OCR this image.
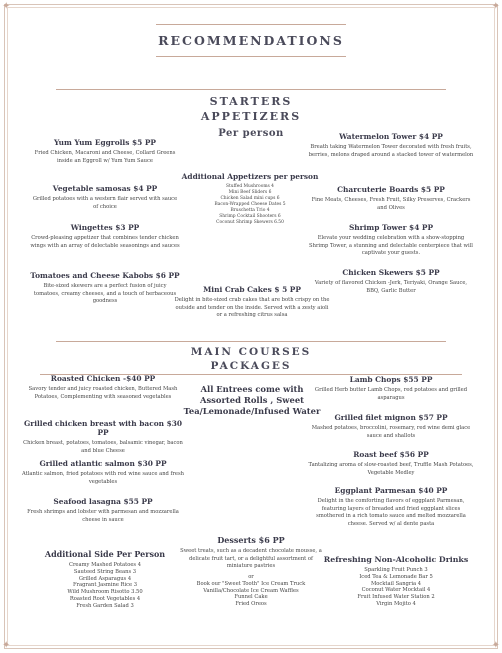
✦	✦
✦	✦
RECOMMENDATIONS
STARTERS
APPETIZERS
Per person
Yum Yum Eggrolls $5 PP
Fried Chicken, Macaroni and Cheese, Collard Greens inside an Eggroll w/ Yum Yum Sauce
Vegetable samosas $4 PP
Grilled potatoes with a western flair served with sauce of choice
Wingettes $3 PP
Crowd-pleasing appetizer that combines tender chicken wings with an array of delectable seasonings and sauces
Tomatoes and Cheese Kabobs $6 PP
Bite-sized skewers are a perfect fusion of juicy tomatoes, creamy cheeses, and a touch of herbaceous goodness
Additional Appetizers per person
Stuffed Mushrooms 4
Mini Beef Sliders 6
Chicken Salad mini cups 6
Bacon-Wrapped Cheese Dates 5
Bruschetta Trio 4
Shrimp Cocktail Shooters 6
Coconut Shrimp Skewers 6.50
Mini Crab Cakes $ 5 PP
Delight in bite-sized crab cakes that are both crispy on the outside and tender on the inside. Served with a zesty aioli or a refreshing citrus salsa
Watermelon Tower $4 PP
Breath taking Watermelon Tower decorated with fresh fruits, berries, melons draped around a stacked tower of watermelon
Charcuterie Boards $5 PP
Fine Meats, Cheeses, Fresh Fruit, Silky Preserves, Crackers and Olives
Shrimp Tower $4 PP
Elevate your wedding celebration with a show-stopping Shrimp Tower, a stunning and delectable centerpiece that will captivate your guests.
Chicken Skewers $5 PP
Variety of flavored Chicken -Jerk, Teriyaki, Orange Sauce, BBQ, Garlic Butter
MAIN COURSES
PACKAGES
Roasted Chicken -$40 PP
Savory tender and juicy roasted chicken, Buttered Mash Potatoes, Complementing with seasoned vegetables
Grilled chicken breast with bacon $30 PP
Chicken breast, potatoes, tomatoes, balsamic vinegar, bacon and blue Cheese
Grilled atlantic salmon $30 PP
Atlantic salmon, fried potatoes with red wine sauce and fresh vegetables
Seafood lasagna $55 PP
Fresh shrimps and lobster with parmesan and mozzarella cheese in sauce
All Entrees come with
Assorted Rolls , Sweet
Tea/Lemonade/Infused Water
Lamb Chops $55 PP
Grilled Herb butter Lamb Chops, red potatoes and grilled asparagus
Grilled filet mignon $57 PP
Mashed potatoes, broccolini, rosemary, red wine demi glace sauce and shallots
Roast beef $56 PP
Tantalizing aroma of slow-roasted beef, Truffle Mash Potatoes, Vegetable Medley
Eggplant Parmesan $40 PP
Delight in the comforting flavors of eggplant Parmesan, featuring layers of breaded and fried eggplant slices smothered in a rich tomato sauce and melted mozzarella cheese. Served w/ al dente pasta
Additional Side Per Person
Creamy Mashed Potatoes 4
Sauteed String Beans 3
Grilled Asparagus 4
Fragrant Jasmine Rice 3
Wild Mushroom Risotto 3.50
Roasted Root Vegetables 4
Fresh Garden Salad 3
Desserts $6 PP
Sweet treats, such as a decadent chocolate mousse, a delicate fruit tart, or a delightful assortment of miniature pastries
or
Book our "Sweet Tooth" Ice Cream Truck
Vanilla/Chocolate Ice Cream Waffles
Funnel Cake
Fried Oreos
Refreshing Non-Alcoholic Drinks
Sparkling Fruit Punch 3
Iced Tea & Lemonade Bar 5
Mocktail Sangria 4
Coconut Water Mocktail 4
Fruit Infused Water Station 2
Virgin Mojito 4
